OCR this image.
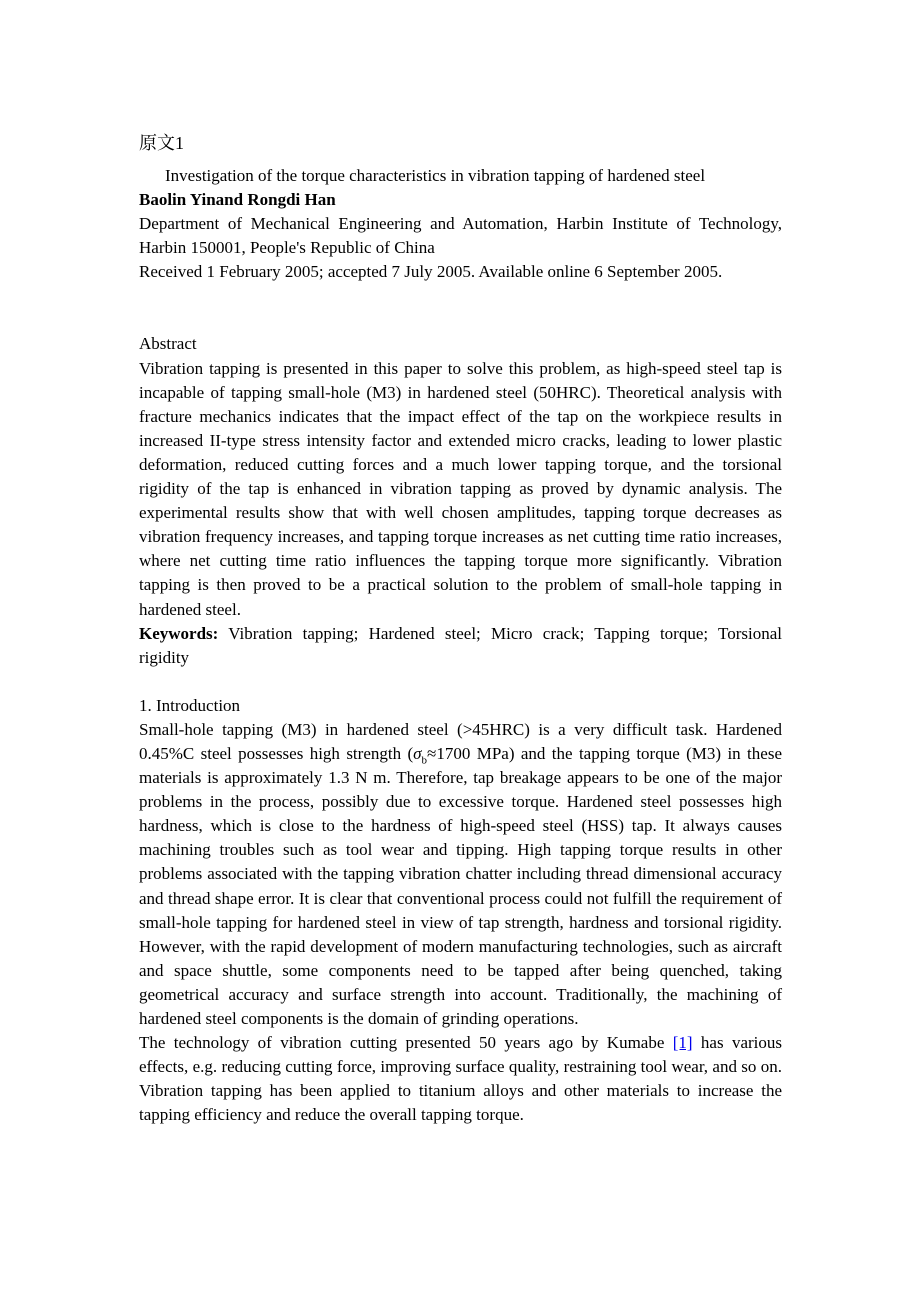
原文1

Investigation of the torque characteristics in vibration tapping of hardened steel

Baolin Yinand Rongdi Han

Department of Mechanical Engineering and Automation, Harbin Institute of Technology, Harbin 150001, People's Republic of China

Received 1 February 2005; accepted 7 July 2005. Available online 6 September 2005.

Abstract

Vibration tapping is presented in this paper to solve this problem, as high-speed steel tap is incapable of tapping small-hole (M3) in hardened steel (50HRC). Theoretical analysis with fracture mechanics indicates that the impact effect of the tap on the workpiece results in increased II-type stress intensity factor and extended micro cracks, leading to lower plastic deformation, reduced cutting forces and a much lower tapping torque, and the torsional rigidity of the tap is enhanced in vibration tapping as proved by dynamic analysis. The experimental results show that with well chosen amplitudes, tapping torque decreases as vibration frequency increases, and tapping torque increases as net cutting time ratio increases, where net cutting time ratio influences the tapping torque more significantly. Vibration tapping is then proved to be a practical solution to the problem of small-hole tapping in hardened steel.

Keywords: Vibration tapping; Hardened steel; Micro crack; Tapping torque; Torsional rigidity

1. Introduction

Small-hole tapping (M3) in hardened steel (>45HRC) is a very difficult task. Hardened 0.45%C steel possesses high strength ($\sigma_b\approx 1700$ MPa) and the tapping torque (M3) in these materials is approximately 1.3 N m. Therefore, tap breakage appears to be one of the major problems in the process, possibly due to excessive torque. Hardened steel possesses high hardness, which is close to the hardness of high-speed steel (HSS) tap. It always causes machining troubles such as tool wear and tipping. High tapping torque results in other problems associated with the tapping vibration chatter including thread dimensional accuracy and thread shape error. It is clear that conventional process could not fulfill the requirement of small-hole tapping for hardened steel in view of tap strength, hardness and torsional rigidity. However, with the rapid development of modern manufacturing technologies, such as aircraft and space shuttle, some components need to be tapped after being quenched, taking geometrical accuracy and surface strength into account. Traditionally, the machining of hardened steel components is the domain of grinding operations.

The technology of vibration cutting presented 50 years ago by Kumabe [1] has various effects, e.g. reducing cutting force, improving surface quality, restraining tool wear, and so on. Vibration tapping has been applied to titanium alloys and other materials to increase the tapping efficiency and reduce the overall tapping torque.
